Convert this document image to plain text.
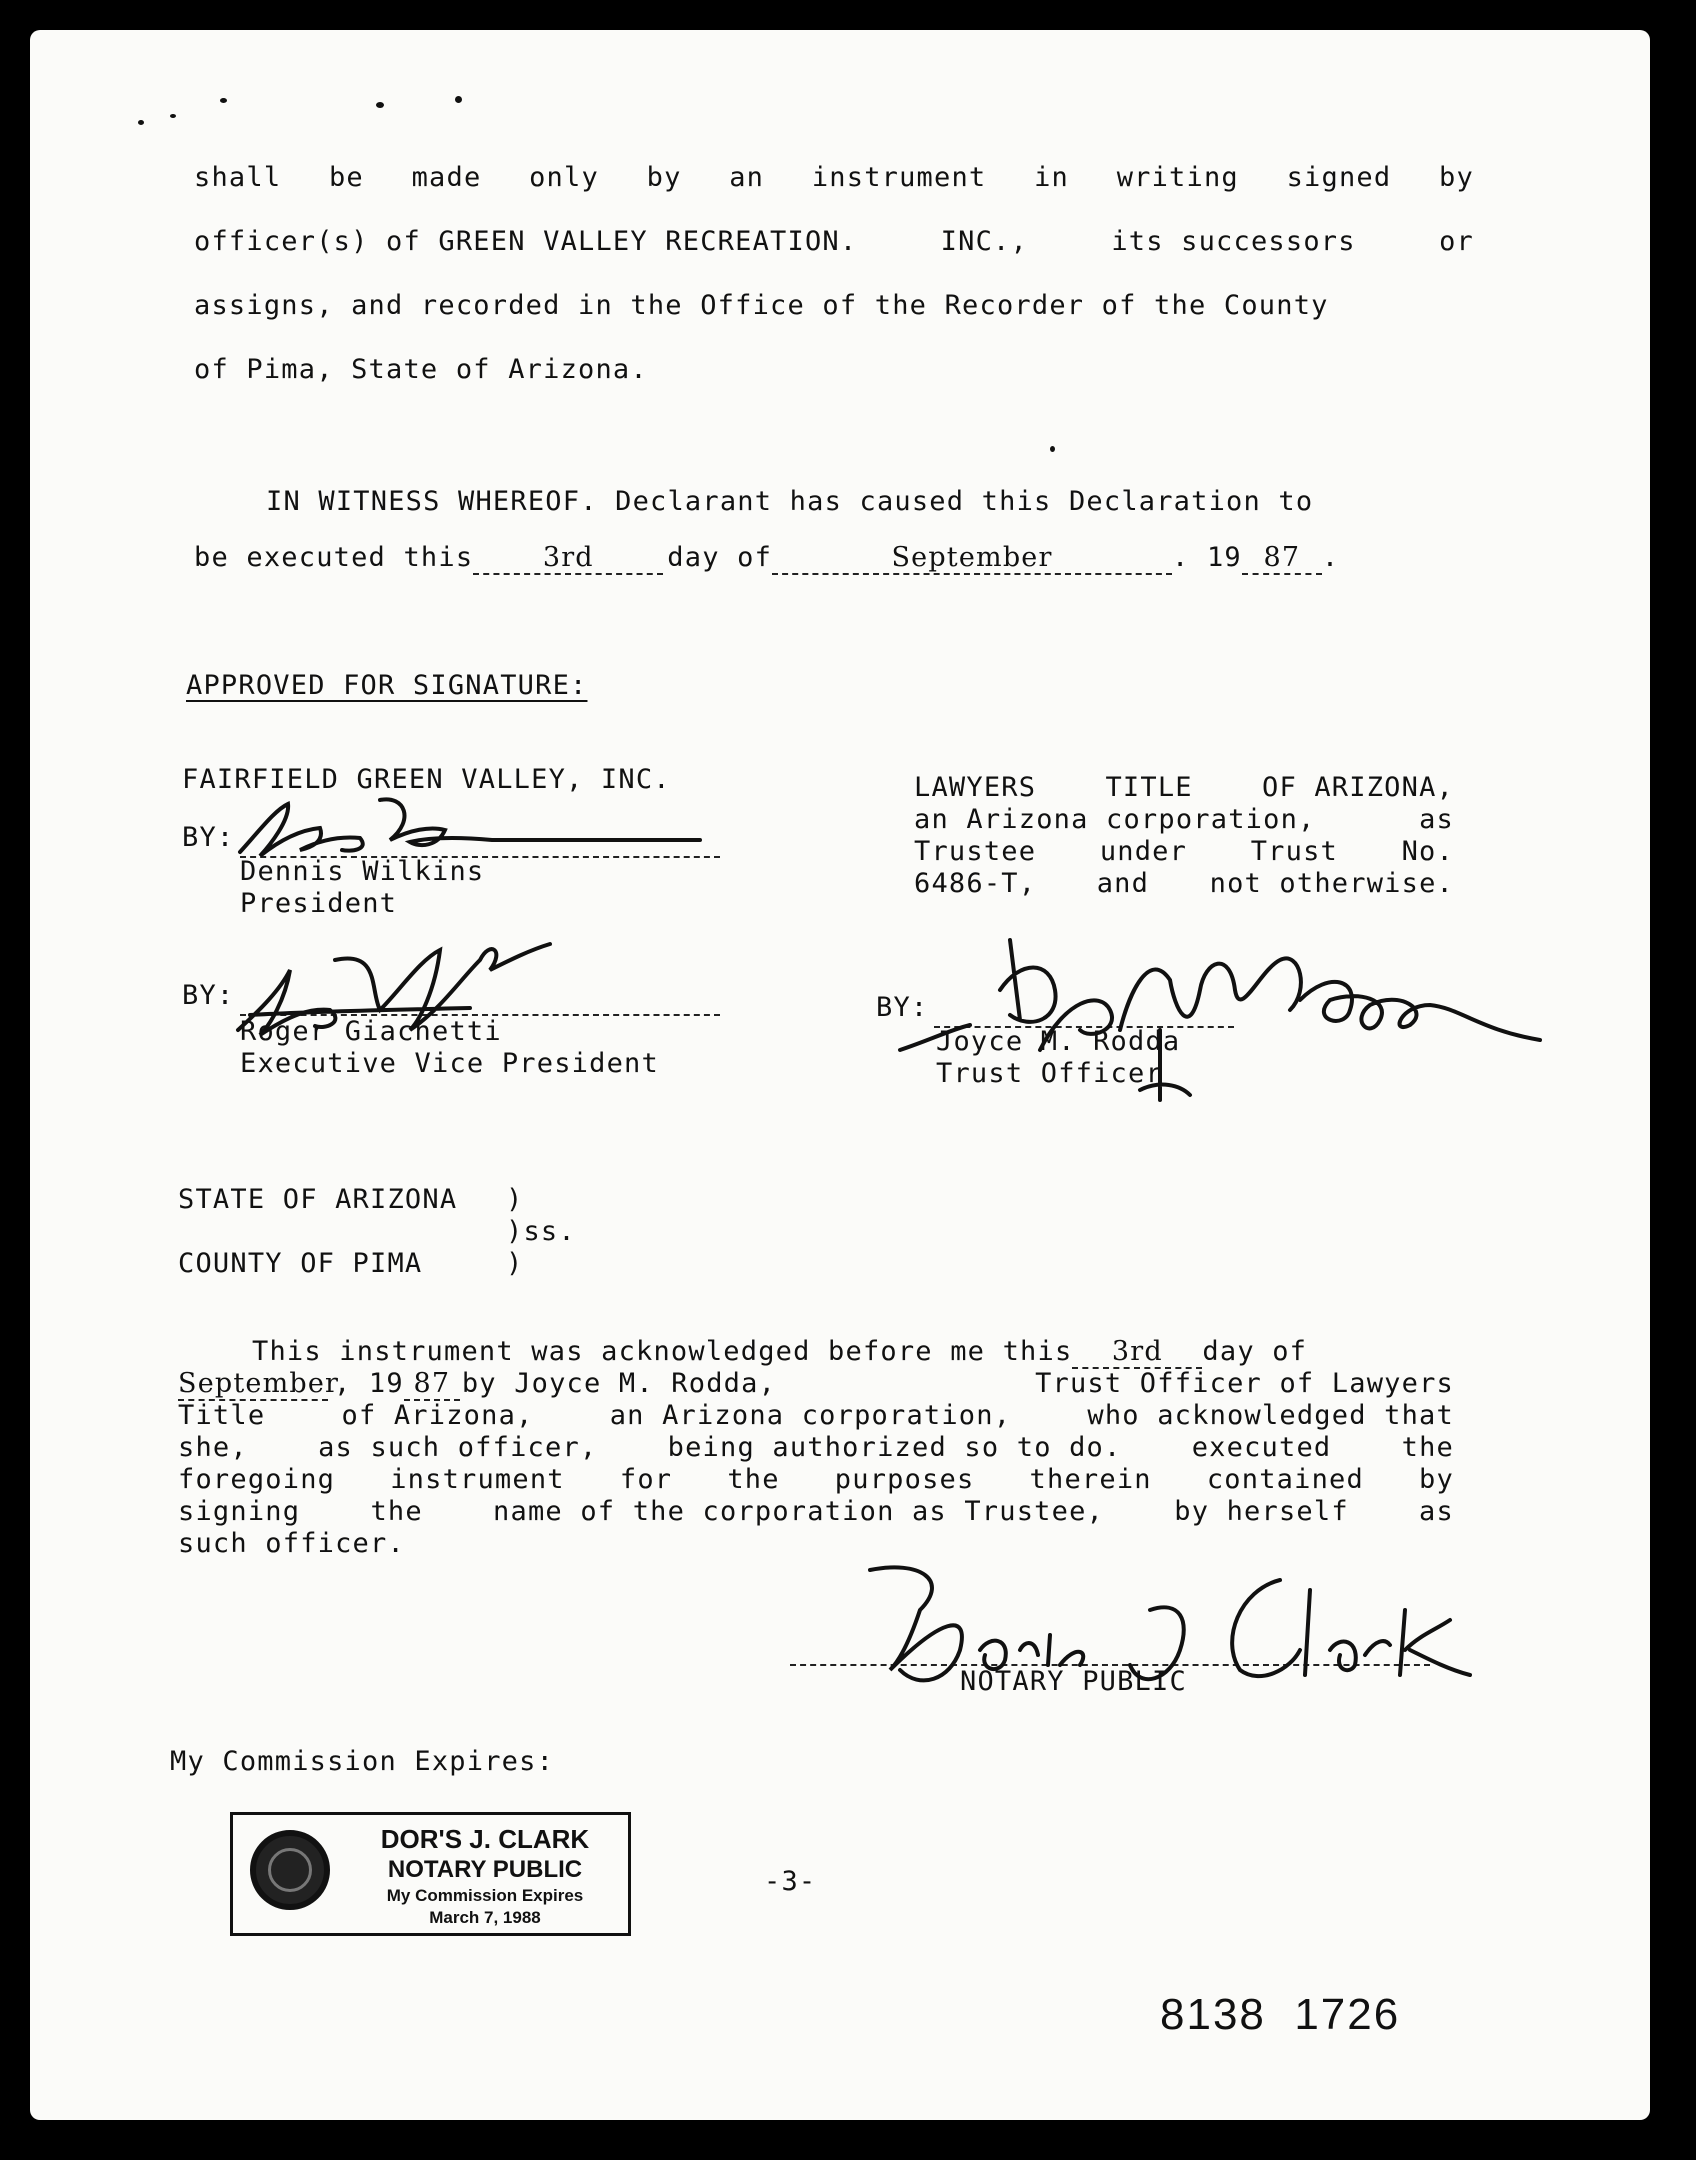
shall be made only by an instrument in writing signed by
officer(s) of GREEN VALLEY RECREATION.	INC.,	its successors	or
assigns, and recorded in the Office of the Recorder of the County
of Pima, State of Arizona.
IN WITNESS WHEREOF. Declarant has caused this Declaration to
be executed this	3rd	day of	September	. 19 87 .
APPROVED FOR SIGNATURE:
FAIRFIELD GREEN VALLEY, INC.
BY:
Dennis Wilkins
President
BY:
Roger Giachetti
Executive Vice President
LAWYERS	TITLE	OF ARIZONA,
an Arizona corporation,	as
Trustee under Trust No.
6486-T, and not otherwise.
BY:
Joyce M. Rodda
Trust Officer
STATE OF ARIZONA )
)ss.
COUNTY OF PIMA	)
This instrument was acknowledged before me this 3rd day of
September
, 19 87 by Joyce M. Rodda,	Trust Officer of Lawyers
Title	of Arizona,	an Arizona corporation,	who acknowledged that
she,	as such officer,	being authorized so to do.	executed	the
foregoing instrument for the purposes therein contained by
signing	the	name of the corporation as Trustee,	by herself	as
such officer.
NOTARY PUBLIC
My Commission Expires:
DOR'S J. CLARK
NOTARY PUBLIC
My Commission Expires
March 7, 1988
-3-
8138  1726
